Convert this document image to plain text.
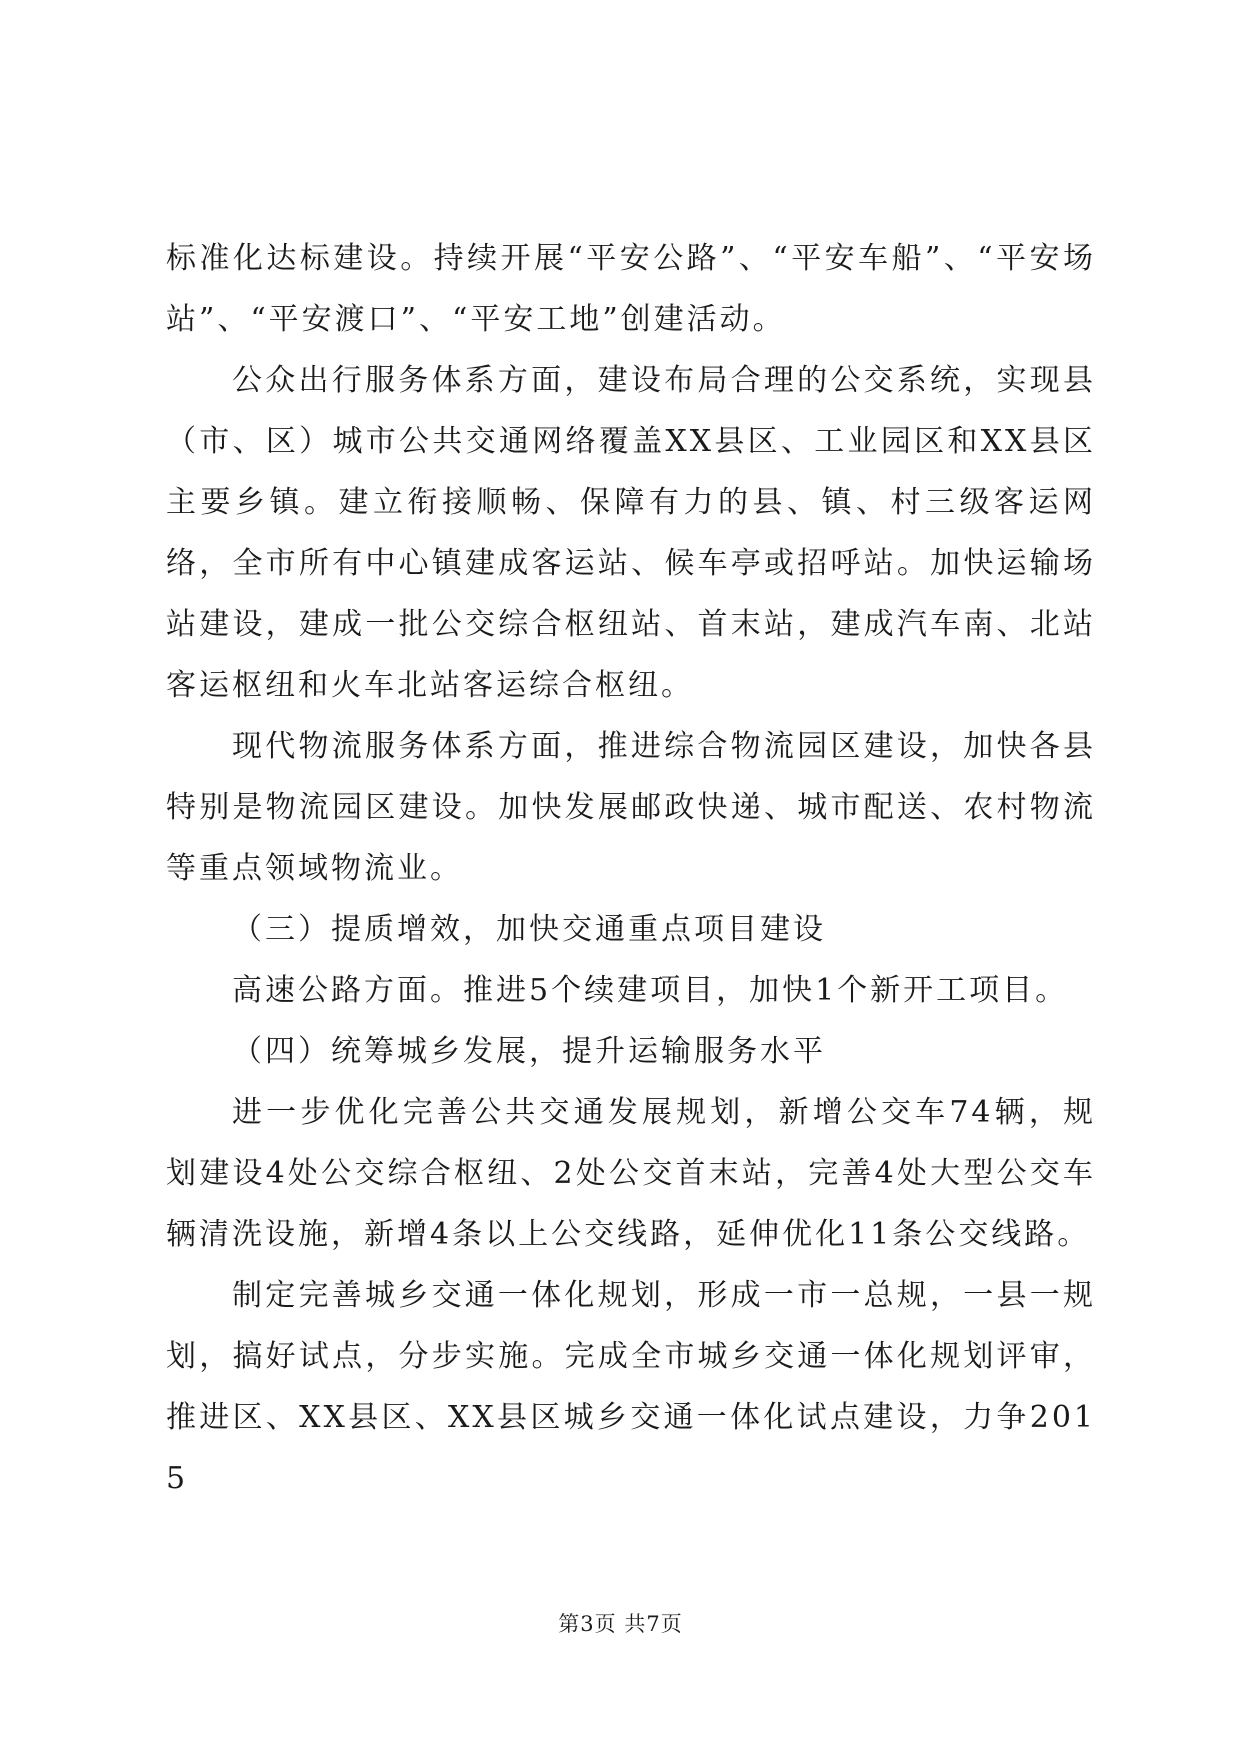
标准化达标建设。持续开展“平安公路”、“平安车船”、“平安场站”、“平安渡口”、“平安工地”创建活动。

公众出行服务体系方面，建设布局合理的公交系统，实现县（市、区）城市公共交通网络覆盖XX县区、工业园区和XX县区主要乡镇。建立衔接顺畅、保障有力的县、镇、村三级客运网络，全市所有中心镇建成客运站、候车亭或招呼站。加快运输场站建设，建成一批公交综合枢纽站、首末站，建成汽车南、北站客运枢纽和火车北站客运综合枢纽。

现代物流服务体系方面，推进综合物流园区建设，加快各县特别是物流园区建设。加快发展邮政快递、城市配送、农村物流等重点领域物流业。

（三）提质增效，加快交通重点项目建设

高速公路方面。推进5个续建项目，加快1个新开工项目。

（四）统筹城乡发展，提升运输服务水平

进一步优化完善公共交通发展规划，新增公交车74辆，规划建设4处公交综合枢纽、2处公交首末站，完善4处大型公交车辆清洗设施，新增4条以上公交线路，延伸优化11条公交线路。

制定完善城乡交通一体化规划，形成一市一总规，一县一规划，搞好试点，分步实施。完成全市城乡交通一体化规划评审，推进区、XX县区、XX县区城乡交通一体化试点建设，力争2015

第3页 共7页
